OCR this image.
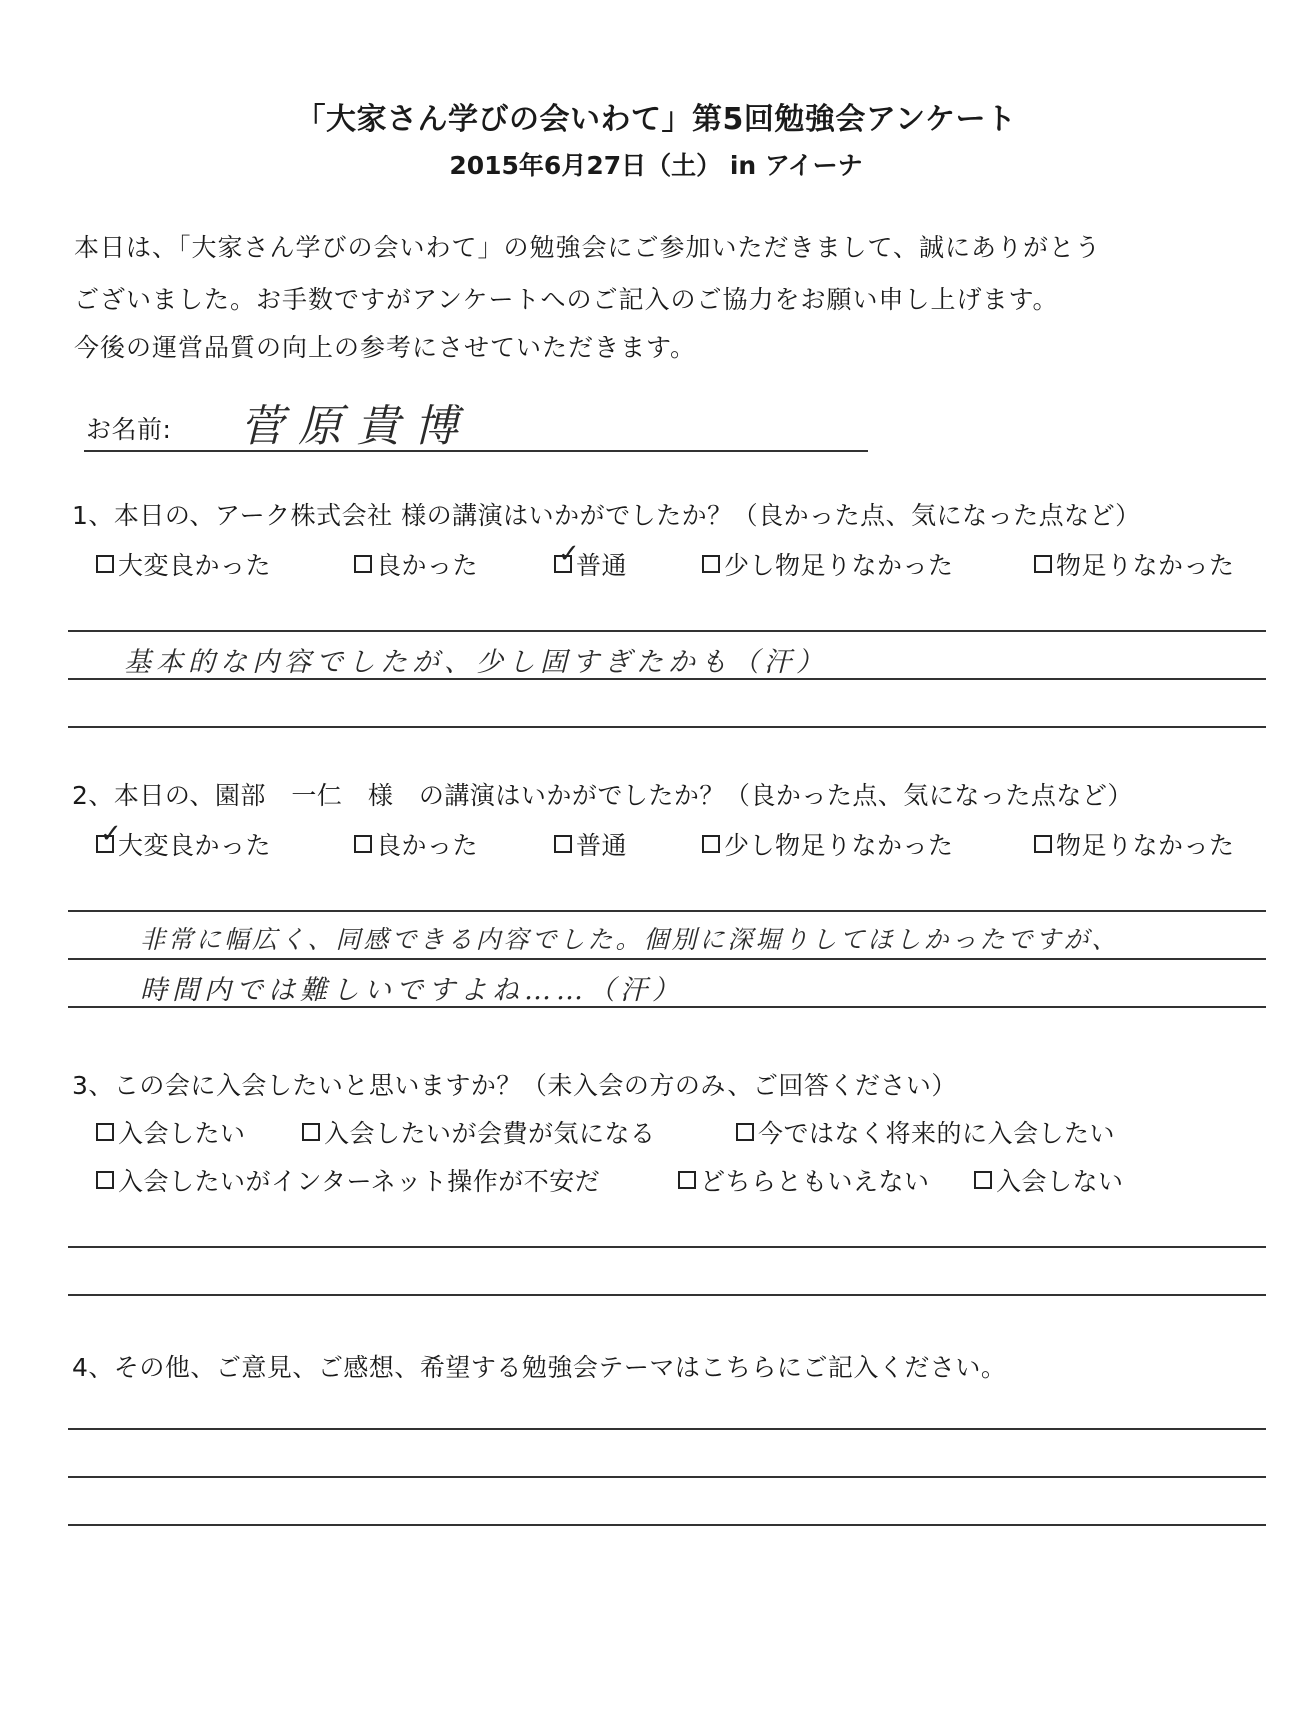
「大家さん学びの会いわて」第5回勉強会アンケート
2015年6月27日（土） in アイーナ
本日は、「大家さん学びの会いわて」の勉強会にご参加いただきまして、誠にありがとう
ございました。お手数ですがアンケートへのご記入のご協力をお願い申し上げます。
今後の運営品質の向上の参考にさせていただきます。
お名前: 菅原貴博
1、本日の、アーク株式会社 様の講演はいかがでしたか？（良かった点、気になった点など）
大変良かった	良かった	✓
普通	少し物足りなかった	物足りなかった
基本的な内容でしたが、少し固すぎたかも（汗）
2、本日の、園部　一仁　様　の講演はいかがでしたか？（良かった点、気になった点など）
✓
大変良かった	良かった	普通	少し物足りなかった	物足りなかった
非常に幅広く、同感できる内容でした。個別に深堀りしてほしかったですが、
時間内では難しいですよね……（汗）
3、この会に入会したいと思いますか？（未入会の方のみ、ご回答ください）
入会したい	入会したいが会費が気になる	今ではなく将来的に入会したい
入会したいがインターネット操作が不安だ	どちらともいえない	入会しない
4、その他、ご意見、ご感想、希望する勉強会テーマはこちらにご記入ください。
